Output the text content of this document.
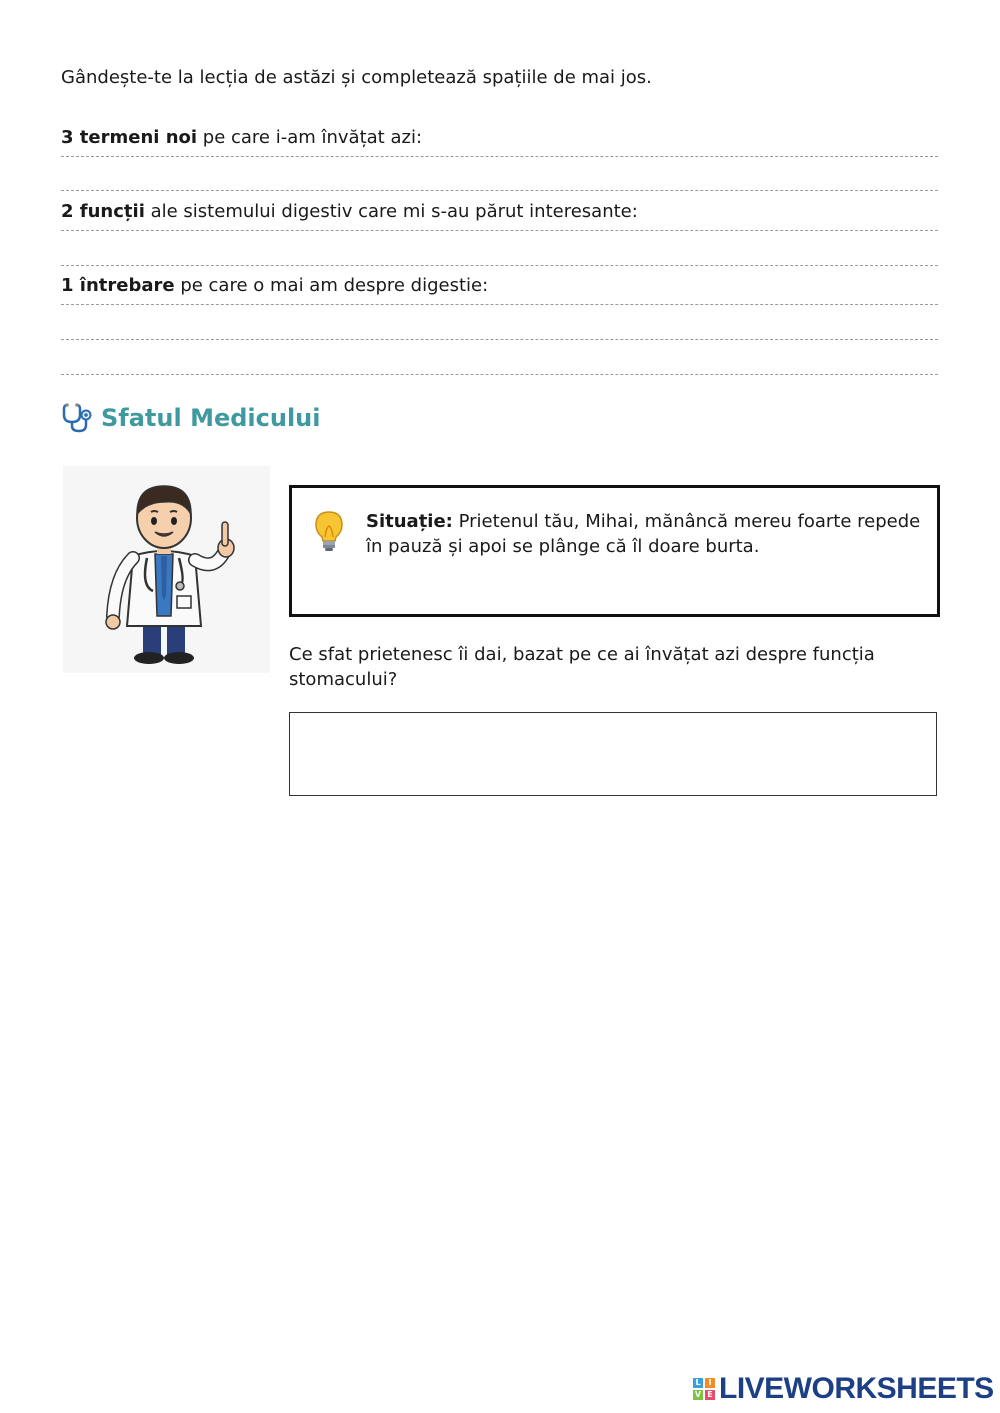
Gândește-te la lecția de astăzi și completează spațiile de mai jos.
3 termeni noi pe care i-am învățat azi:
2 funcții ale sistemului digestiv care mi s-au părut interesante:
1 întrebare pe care o mai am despre digestie:
Sfatul Medicului
Situație: Prietenul tău, Mihai, mănâncă mereu foarte repede
în pauză și apoi se plânge că îl doare burta.
Ce sfat prietenesc îi dai, bazat pe ce ai învățat azi despre funcția
stomacului?
L I
V E LIVEWORKSHEETS
